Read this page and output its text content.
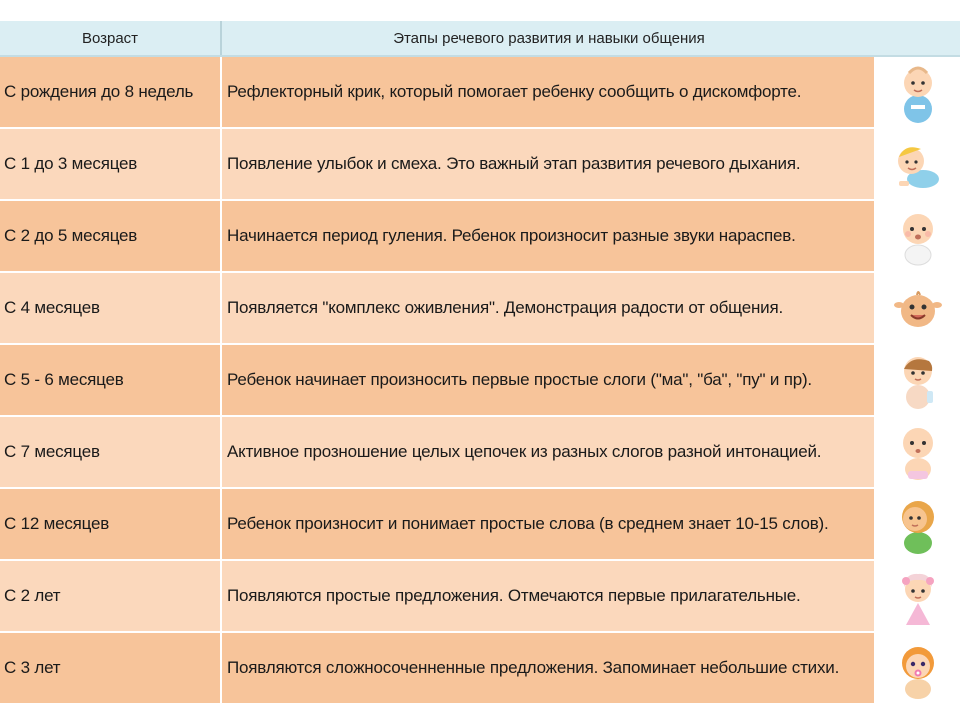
Возраст	Этапы речевого развития и навыки общения
С рождения до 8 недель	Рефлекторный крик, который помогает ребенку сообщить о дискомфорте.
С 1 до 3 месяцев	Появление улыбок и смеха. Это важный этап развития речевого дыхания.
С 2 до 5 месяцев	Начинается период гуления. Ребенок произносит разные звуки нараспев.
С 4 месяцев	Появляется "комплекс оживления". Демонстрация радости от общения.
С 5 - 6 месяцев	Ребенок начинает произносить первые простые слоги ("ма", "ба", "пу" и пр).
С 7 месяцев	Активное прозношение целых цепочек из разных слогов разной интонацией.
С 12 месяцев	Ребенок произносит и понимает простые слова (в среднем знает 10-15 слов).
С 2 лет	Появляются простые предложения. Отмечаются первые прилагательные.
С 3 лет	Появляются сложносоченненные предложения. Запоминает небольшие стихи.
